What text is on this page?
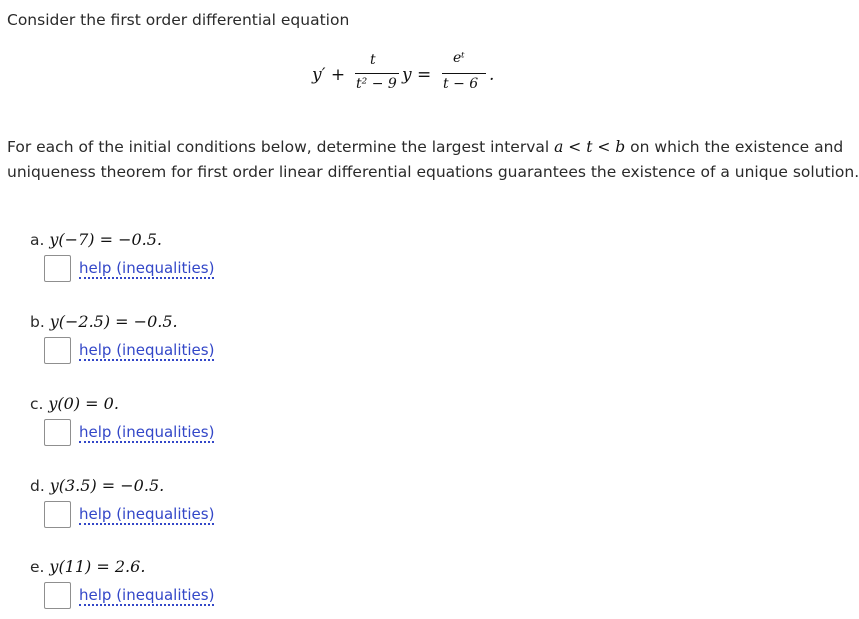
Consider the first order differential equation
y′ +
t
t² − 9 y =
eᵗ
t − 6 .
For each of the initial conditions below, determine the largest interval a < t < b on which the existence and
uniqueness theorem for first order linear differential equations guarantees the existence of a unique solution.
a. y(−7) = −0.5.
help (inequalities)
b. y(−2.5) = −0.5.
help (inequalities)
c. y(0) = 0.
help (inequalities)
d. y(3.5) = −0.5.
help (inequalities)
e. y(11) = 2.6.
help (inequalities)
